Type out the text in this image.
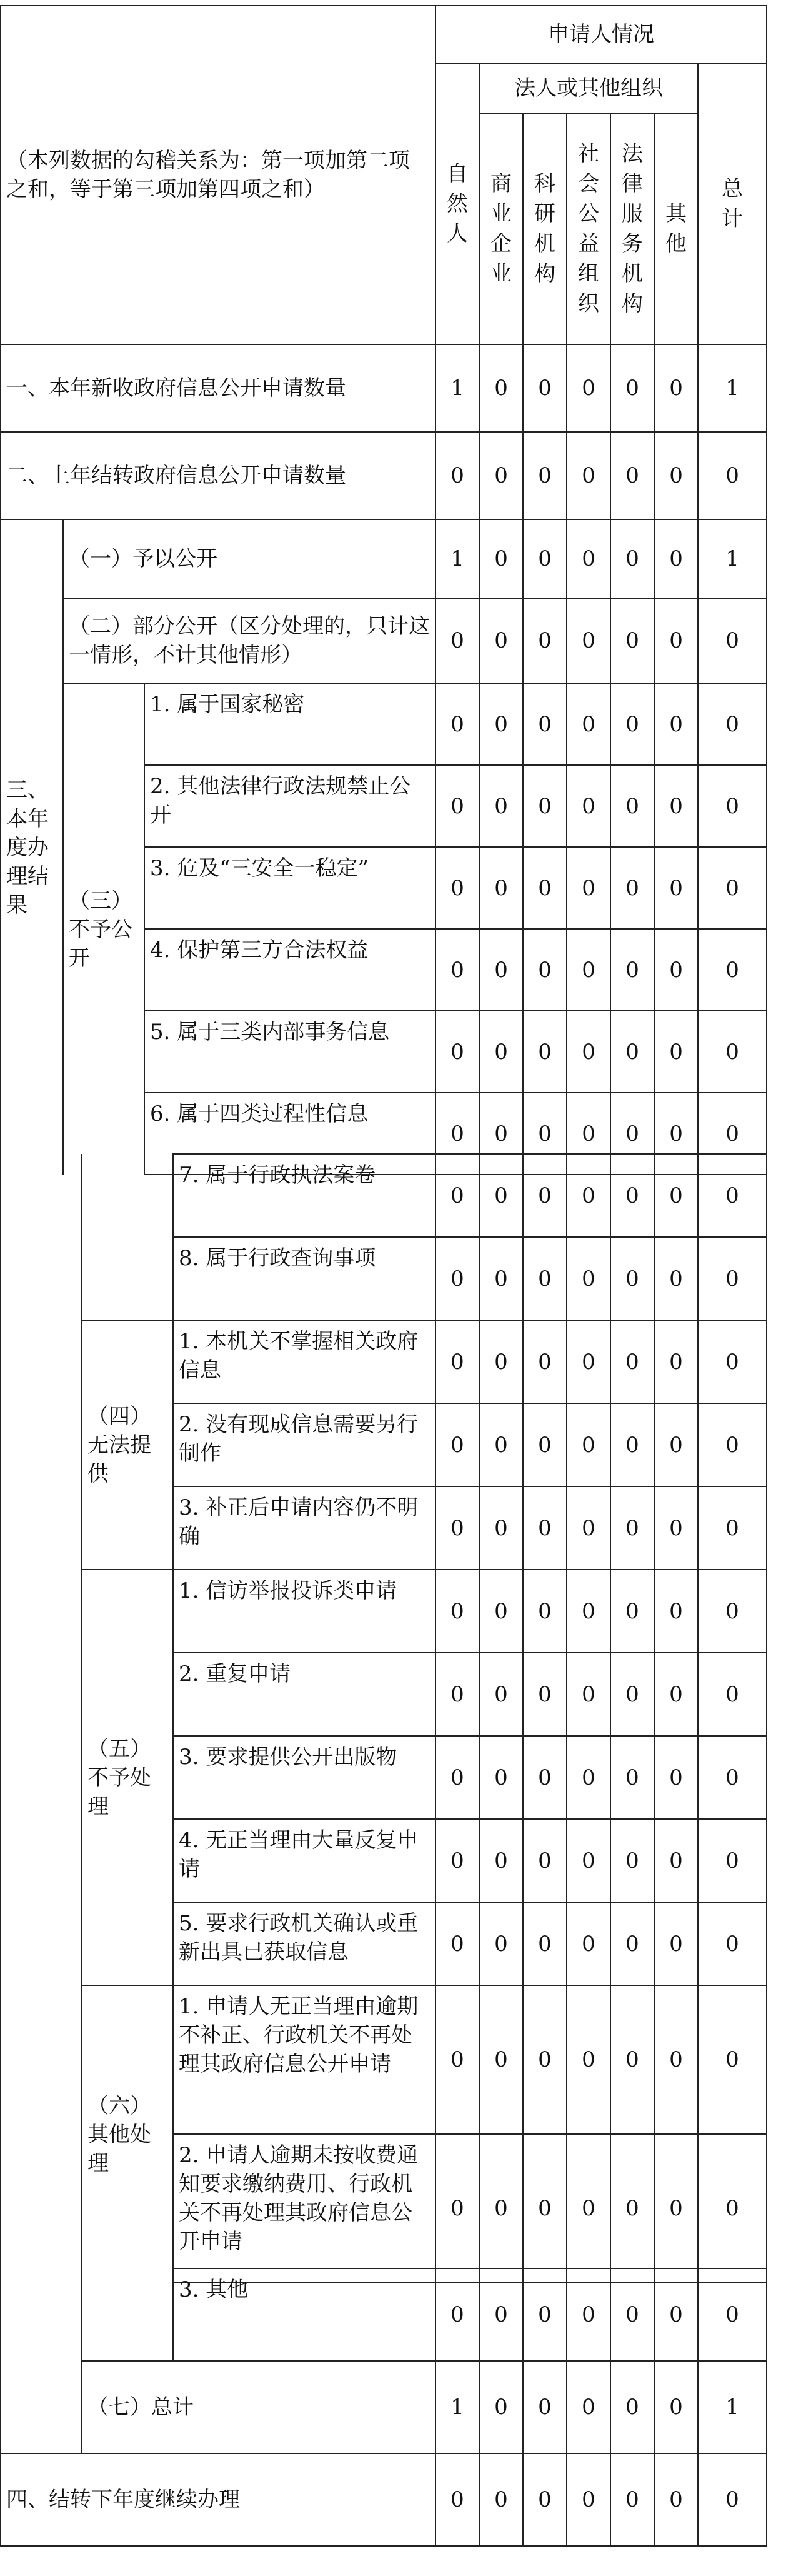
（本列数据的勾稽关系为：第一项加第二项之和，等于第三项加第四项之和）			申请人情况						
			自然人	法人或其他组织					总计
				商业企业	科研机构	社会公益组织	法律服务机构	其他	
一、本年新收政府信息公开申请数量			1	0	0	0	0	0	1
二、上年结转政府信息公开申请数量			0	0	0	0	0	0	0
三、本年度办理结果	（一）予以公开		1	0	0	0	0	0	1
	（二）部分公开（区分处理的，只计这一情形，不计其他情形）		0	0	0	0	0	0	0
	（三）不予公开	1. 属于国家秘密	0	0	0	0	0	0	0
		2. 其他法律行政法规禁止公开	0	0	0	0	0	0	0
		3. 危及“三安全一稳定”	0	0	0	0	0	0	0
		4. 保护第三方合法权益	0	0	0	0	0	0	0
		5. 属于三类内部事务信息	0	0	0	0	0	0	0
		6. 属于四类过程性信息	0	0	0	0	0	0	0
		7. 属于行政执法案卷	0	0	0	0	0	0	0
		8. 属于行政查询事项	0	0	0	0	0	0	0
	（四）无法提供	1. 本机关不掌握相关政府信息	0	0	0	0	0	0	0
		2. 没有现成信息需要另行制作	0	0	0	0	0	0	0
		3. 补正后申请内容仍不明确	0	0	0	0	0	0	0
	（五）不予处理	1. 信访举报投诉类申请	0	0	0	0	0	0	0
		2. 重复申请	0	0	0	0	0	0	0
		3. 要求提供公开出版物	0	0	0	0	0	0	0
		4. 无正当理由大量反复申请	0	0	0	0	0	0	0
		5. 要求行政机关确认或重新出具已获取信息	0	0	0	0	0	0	0
	（六）其他处理	1. 申请人无正当理由逾期不补正、行政机关不再处理其政府信息公开申请	0	0	0	0	0	0	0
		2. 申请人逾期未按收费通知要求缴纳费用、行政机关不再处理其政府信息公开申请	0	0	0	0	0	0	0
		3. 其他	0	0	0	0	0	0	0
	（七）总计		1	0	0	0	0	0	1
四、结转下年度继续办理			0	0	0	0	0	0	0
